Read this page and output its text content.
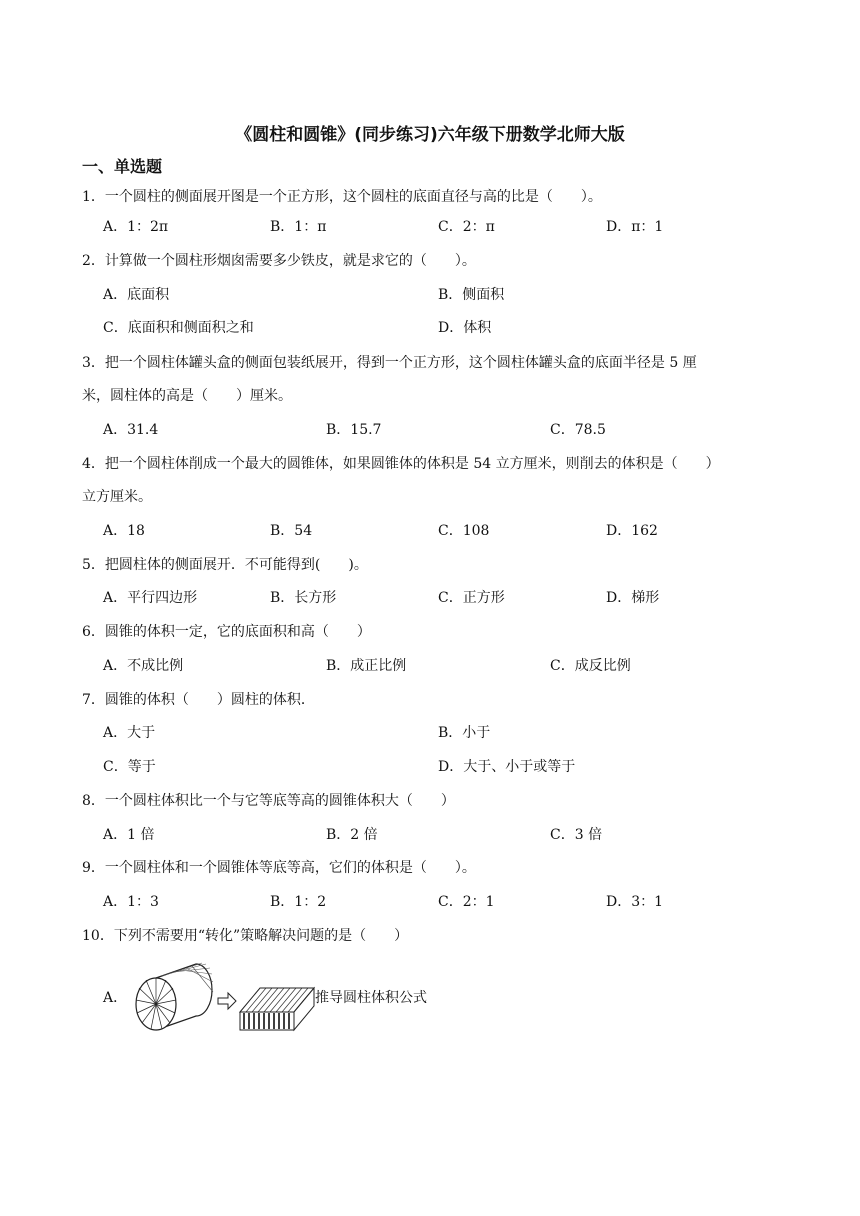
《圆柱和圆锥》(同步练习)六年级下册数学北师大版
一、单选题
1．一个圆柱的侧面展开图是一个正方形，这个圆柱的底面直径与高的比是（　　）。
A．1：2π	B．1：π	C．2：π	D．π：1
2．计算做一个圆柱形烟囱需要多少铁皮，就是求它的（　　）。
A．底面积	B．侧面积
C．底面积和侧面积之和	D．体积
3．把一个圆柱体罐头盒的侧面包装纸展开，得到一个正方形，这个圆柱体罐头盒的底面半径是 5 厘
米，圆柱体的高是（　　）厘米。
A．31.4	B．15.7	C．78.5
4．把一个圆柱体削成一个最大的圆锥体，如果圆锥体的体积是 54 立方厘米，则削去的体积是（　　）
立方厘米。
A．18	B．54	C．108	D．162
5．把圆柱体的侧面展开．不可能得到(　　)。
A．平行四边形	B．长方形	C．正方形	D．梯形
6．圆锥的体积一定，它的底面积和高（　　）
A．不成比例	B．成正比例	C．成反比例
7．圆锥的体积（　　）圆柱的体积．
A．大于	B．小于
C．等于	D．大于、小于或等于
8．一个圆柱体积比一个与它等底等高的圆锥体积大（　　）
A．1 倍	B．2 倍	C．3 倍
9．一个圆柱体和一个圆锥体等底等高，它们的体积是（　　）。
A．1：3	B．1：2	C．2：1	D．3：1
10．下列不需要用“转化”策略解决问题的是（　　）
A．	推导圆柱体积公式
